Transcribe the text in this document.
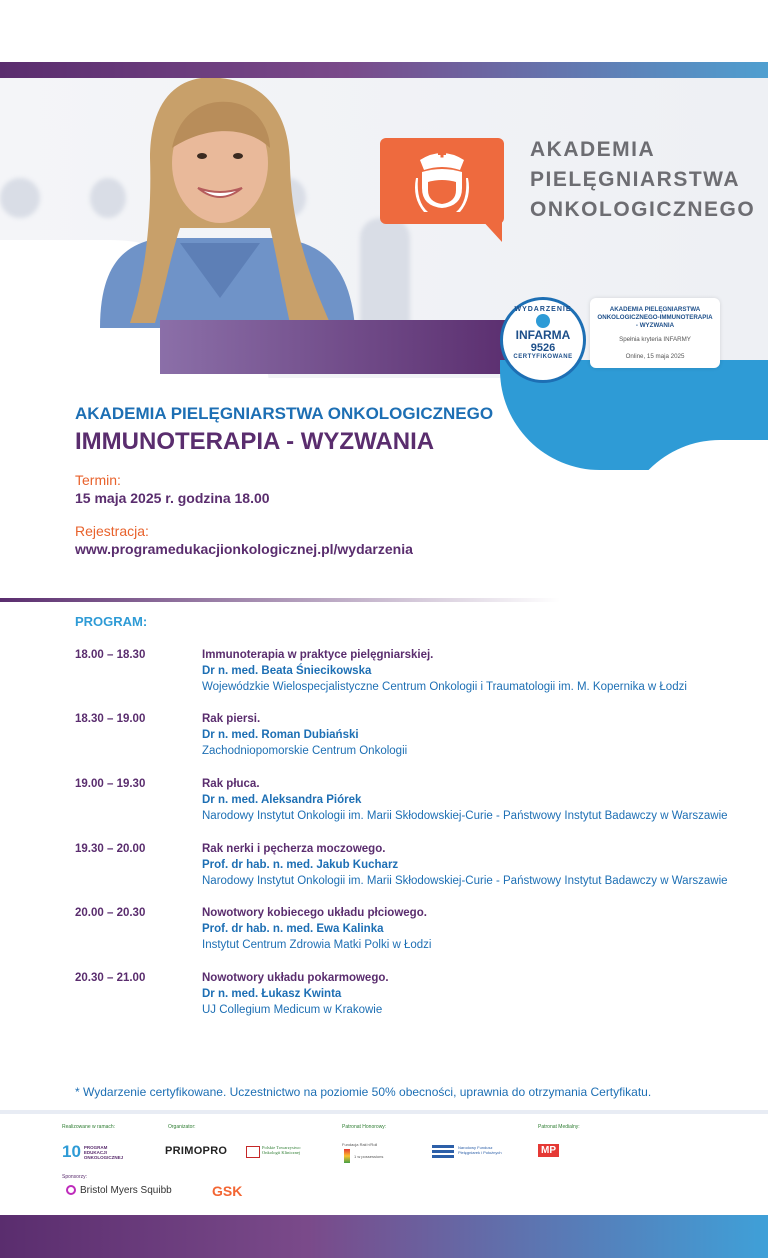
AKADEMIA
PIELĘGNIARSTWA
ONKOLOGICZNEGO
WYDARZENIE
INFARMA
9526
CERTYFIKOWANE
AKADEMIA PIELĘGNIARSTWA ONKOLOGICZNEGO-IMMUNOTERAPIA - WYZWANIA
Spełnia kryteria INFARMY
Online, 15 maja 2025
AKADEMIA PIELĘGNIARSTWA ONKOLOGICZNEGO
IMMUNOTERAPIA - WYZWANIA
Termin:
15 maja 2025 r. godzina 18.00
Rejestracja:
www.programedukacjionkologicznej.pl/wydarzenia
PROGRAM:
18.00 – 18.30	Immunoterapia w praktyce pielęgniarskiej.
Dr n. med. Beata Śniecikowska
Wojewódzkie Wielospecjalistyczne Centrum Onkologii i Traumatologii im. M. Kopernika w Łodzi
18.30 – 19.00	Rak piersi.
Dr n. med. Roman Dubiański
Zachodniopomorskie Centrum Onkologii
19.00 – 19.30	Rak płuca.
Dr n. med. Aleksandra Piórek
Narodowy Instytut Onkologii im. Marii Skłodowskiej-Curie - Państwowy Instytut Badawczy w Warszawie
19.30 – 20.00	Rak nerki i pęcherza moczowego.
Prof. dr hab. n. med. Jakub Kucharz
Narodowy Instytut Onkologii im. Marii Skłodowskiej-Curie - Państwowy Instytut Badawczy w Warszawie
20.00 – 20.30	Nowotwory kobiecego układu płciowego.
Prof. dr hab. n. med. Ewa Kalinka
Instytut Centrum Zdrowia Matki Polki w Łodzi
20.30 – 21.00	Nowotwory układu pokarmowego.
Dr n. med. Łukasz Kwinta
UJ Collegium Medicum w Krakowie
* Wydarzenie certyfikowane. Uczestnictwo na poziomie 50% obecności, uprawnia do otrzymania Certyfikatu.
Realizowane w ramach:	Organizator:	Patronat Honorowy:	Patronat Medialny:
10 PROGRAM EDUKACJI ONKOLOGICZNEJ	PRIMOPRO	Polskie Towarzystwo Onkologii Klinicznej
Fundacja Rak'n'Roll
1 w possessions
Narodowy Fundusz Pielęgniarek i Położnych	MP
Sponsorzy:
Bristol Myers Squibb	GSK
